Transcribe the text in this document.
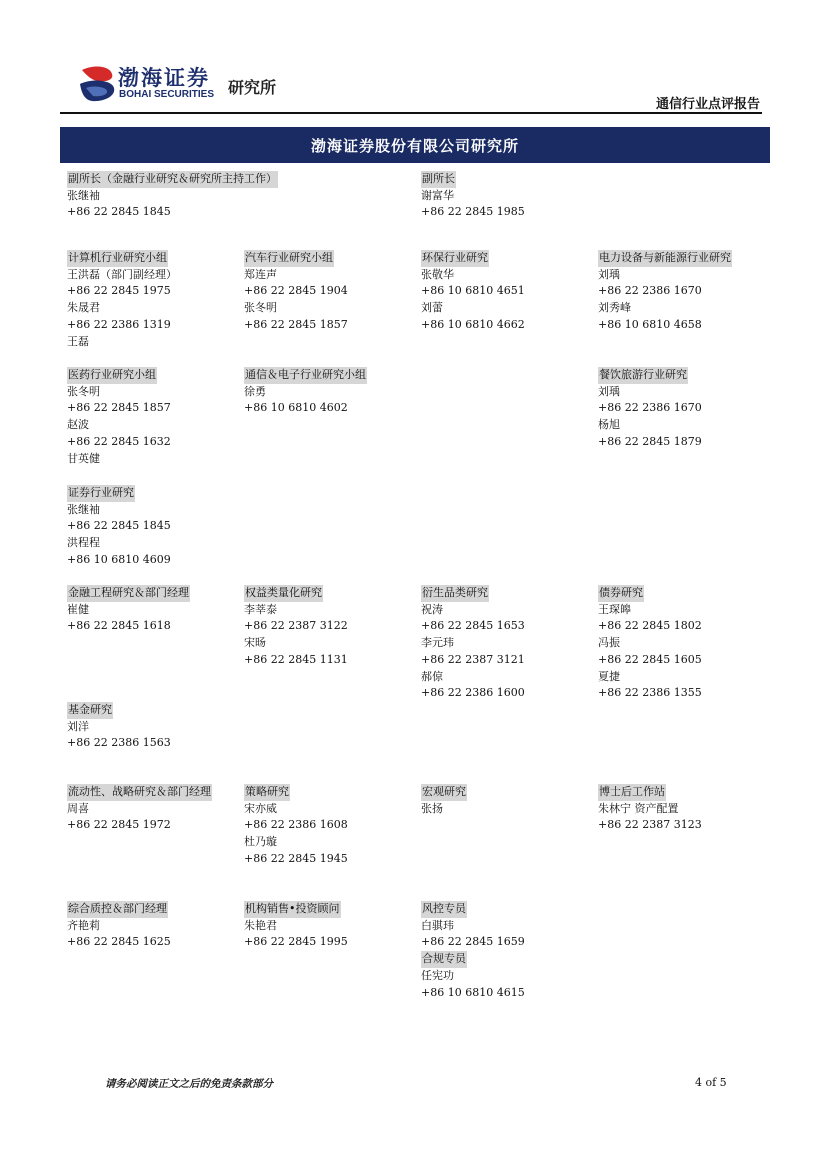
渤海证券
BOHAI SECURITIES 研究所
通信行业点评报告
渤海证券股份有限公司研究所
副所长（金融行业研究＆研究所主持工作）
张继袖
+86 22 2845 1845
副所长
谢富华
+86 22 2845 1985
计算机行业研究小组
王洪磊（部门副经理）
+86 22 2845 1975
朱晟君
+86 22 2386 1319
王磊
汽车行业研究小组
郑连声
+86 22 2845 1904
张冬明
+86 22 2845 1857
环保行业研究
张敬华
+86 10 6810 4651
刘蕾
+86 10 6810 4662
电力设备与新能源行业研究
刘瑀
+86 22 2386 1670
刘秀峰
+86 10 6810 4658
医药行业研究小组
张冬明
+86 22 2845 1857
赵波
+86 22 2845 1632
甘英健
通信＆电子行业研究小组
徐勇
+86 10 6810 4602
餐饮旅游行业研究
刘瑀
+86 22 2386 1670
杨旭
+86 22 2845 1879
证券行业研究
张继袖
+86 22 2845 1845
洪程程
+86 10 6810 4609
金融工程研究＆部门经理
崔健
+86 22 2845 1618
权益类量化研究
李莘泰
+86 22 2387 3122
宋旸
+86 22 2845 1131
衍生品类研究
祝涛
+86 22 2845 1653
李元玮
+86 22 2387 3121
郝倞
+86 22 2386 1600
债券研究
王琛皞
+86 22 2845 1802
冯振
+86 22 2845 1605
夏捷
+86 22 2386 1355
基金研究
刘洋
+86 22 2386 1563
流动性、战略研究＆部门经理
周喜
+86 22 2845 1972
策略研究
宋亦威
+86 22 2386 1608
杜乃璇
+86 22 2845 1945
宏观研究
张扬
博士后工作站
朱林宁 资产配置
+86 22 2387 3123
综合质控＆部门经理
齐艳莉
+86 22 2845 1625
机构销售•投资顾问
朱艳君
+86 22 2845 1995
风控专员
白骐玮
+86 22 2845 1659
合规专员
任宪功
+86 10 6810 4615
请务必阅读正文之后的免责条款部分	4 of 5
